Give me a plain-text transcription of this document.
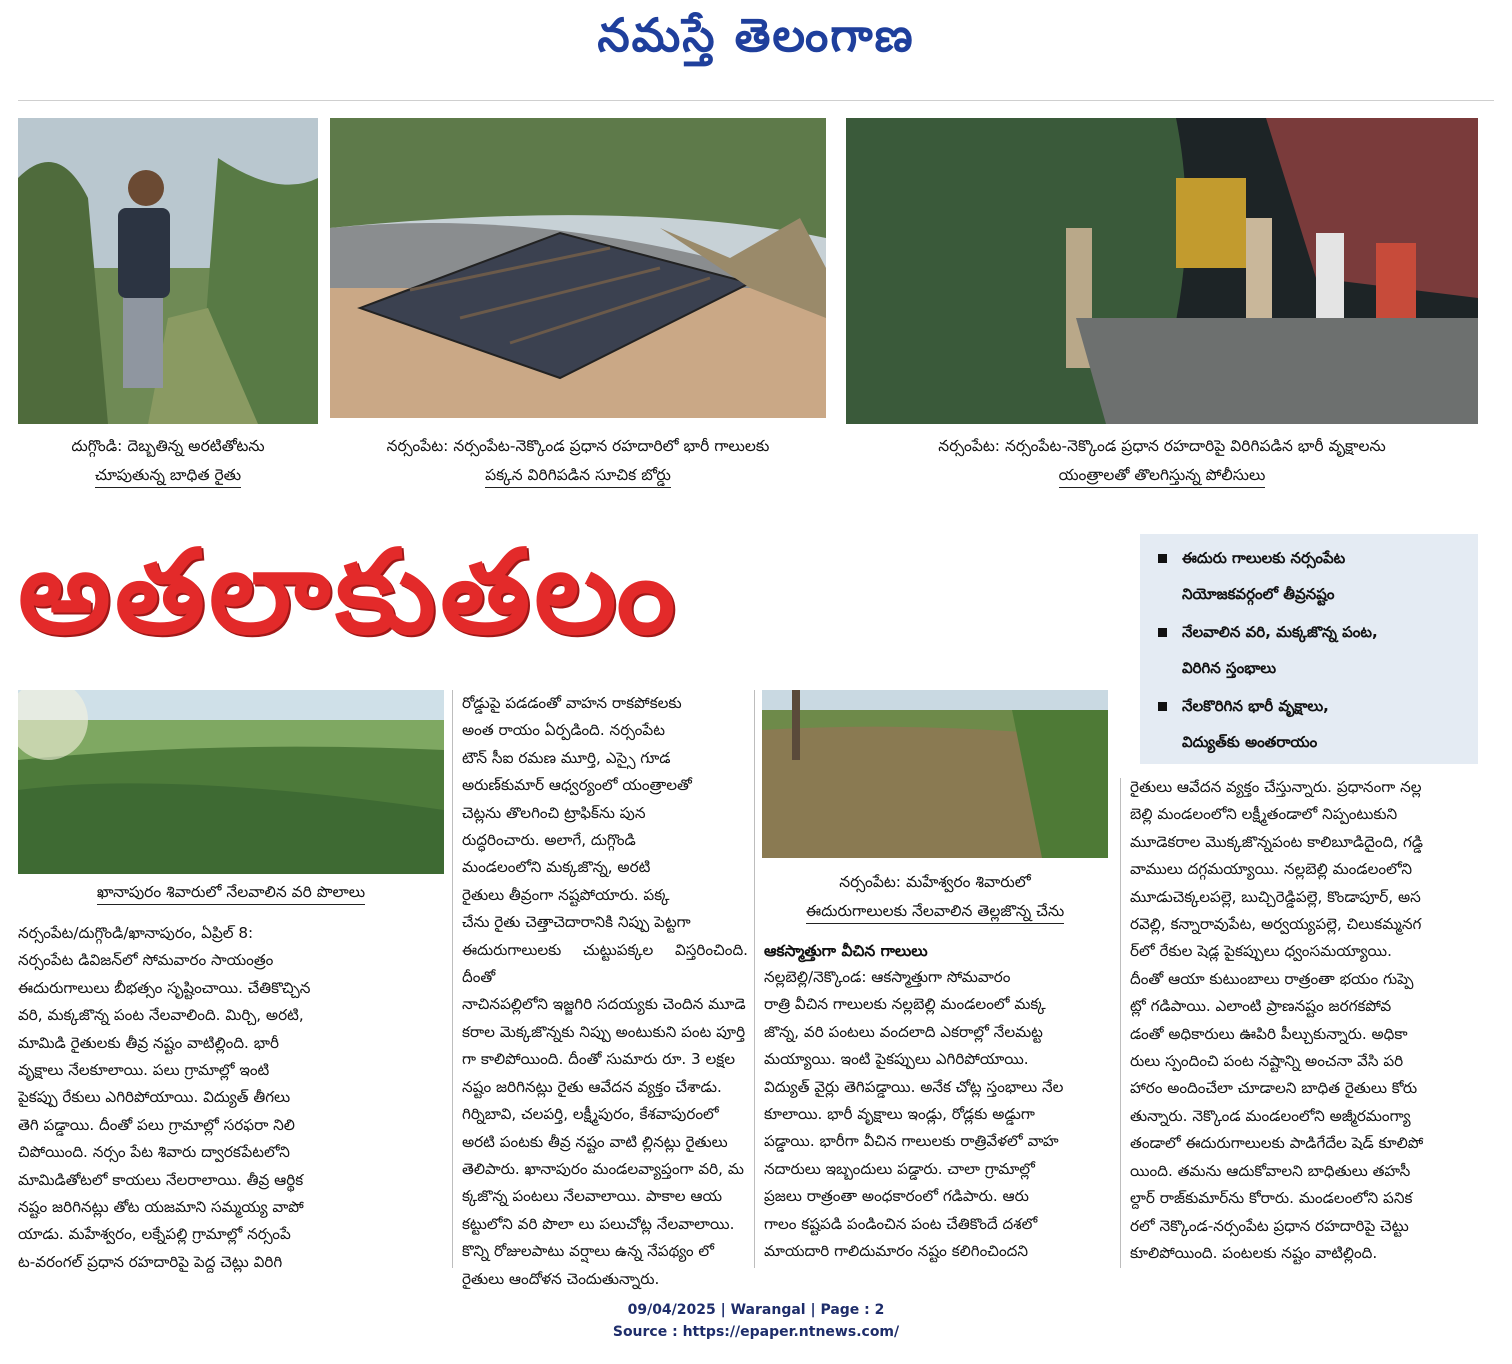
నమస్తే తెలంగాణ
దుగ్గొండి: దెబ్బతిన్న అరటితోటను
చూపుతున్న బాధిత రైతు
నర్సంపేట: నర్సంపేట-నెక్కొండ ప్రధాన రహదారిలో భారీ గాలులకు
పక్కన విరిగిపడిన సూచిక బోర్డు
నర్సంపేట: నర్సంపేట-నెక్కొండ ప్రధాన రహదారిపై విరిగిపడిన భారీ వృక్షాలను
యంత్రాలతో తొలగిస్తున్న పోలీసులు
అతలాకుతలం	ఈదురు గాలులకు నర్సంపేట
నియోజకవర్గంలో తీవ్రనష్టం
నేలవాలిన వరి, మక్కజొన్న పంట,
విరిగిన స్తంభాలు
నేలకొరిగిన భారీ వృక్షాలు,
విద్యుత్‌కు అంతరాయం
ఖానాపురం శివారులో నేలవాలిన వరి పొలాలు
నర్సంపేట: మహేశ్వరం శివారులో
ఈదురుగాలులకు నేలవాలిన తెల్లజొన్న చేను

నర్సంపేట/దుగ్గొండి/ఖానాపురం, ఏప్రిల్ 8:

నర్సంపేట డివిజన్‌లో సోమవారం సాయంత్రం

ఈదురుగాలులు బీభత్సం సృష్టించాయి. చేతికొచ్చిన

వరి, మక్కజొన్న పంట నేలవాలింది. మిర్చి, అరటి,

మామిడి రైతులకు తీవ్ర నష్టం వాటిల్లింది. భారీ

వృక్షాలు నేలకూలాయి. పలు గ్రామాల్లో ఇంటి

పైకప్పు రేకులు ఎగిరిపోయాయి. విద్యుత్ తీగలు

తెగి పడ్డాయి. దీంతో పలు గ్రామాల్లో సరఫరా నిలి

చిపోయింది. నర్సం పేట శివారు ద్వారకపేటలోని

మామిడితోటలో కాయలు నేలరాలాయి. తీవ్ర ఆర్థిక

నష్టం జరిగినట్లు తోట యజమాని సమ్మయ్య వాపో

యాడు. మహేశ్వరం, లక్నేపల్లి గ్రామాల్లో నర్సంపే

ట-వరంగల్ ప్రధాన రహదారిపై పెద్ద చెట్లు విరిగి

రోడ్డుపై పడడంతో వాహన రాకపోకలకు

అంత రాయం ఏర్పడింది. నర్సంపేట

టౌన్ సీఐ రమణ మూర్తి, ఎస్సై గూడ

అరుణ్‌కుమార్ ఆధ్వర్యంలో యంత్రాలతో

చెట్లను తొలగించి ట్రాఫిక్‌ను పున

రుద్ధరించారు. అలాగే, దుగ్గొండి

మండలంలోని మక్కజొన్న, అరటి

రైతులు తీవ్రంగా నష్టపోయారు. పక్క

చేను రైతు చెత్తాచెదారానికి నిప్పు పెట్టగా

ఈదురుగాలులకు చుట్టుపక్కల విస్తరించింది. దీంతో

నాచినపల్లిలోని ఇజ్జగిరి సదయ్యకు చెందిన మూడె

కరాల మెక్కజొన్నకు నిప్పు అంటుకుని పంట పూర్తి

గా కాలిపోయింది. దీంతో సుమారు రూ. 3 లక్షల

నష్టం జరిగినట్లు రైతు ఆవేదన వ్యక్తం చేశాడు.

గిర్నిబావి, చలపర్తి, లక్ష్మీపురం, కేశవాపురంలో

అరటి పంటకు తీవ్ర నష్టం వాటి ల్లినట్లు రైతులు

తెలిపారు. ఖానాపురం మండలవ్యాప్తంగా వరి, మ

క్కజొన్న పంటలు నేలవాలాయి. పాకాల ఆయ

కట్టులోని వరి పొలా లు పలుచోట్ల నేలవాలాయి.

కొన్ని రోజులపాటు వర్షాలు ఉన్న నేపథ్యం లో

రైతులు ఆందోళన చెందుతున్నారు.

ఆకస్మాత్తుగా వీచిన గాలులు

నల్లబెల్లి/నెక్కొండ: ఆకస్మాత్తుగా సోమవారం

రాత్రి వీచిన గాలులకు నల్లబెల్లి మండలంలో మక్క

జొన్న, వరి పంటలు వందలాది ఎకరాల్లో నేలమట్ట

మయ్యాయి. ఇంటి పైకప్పులు ఎగిరిపోయాయి.

విద్యుత్ వైర్లు తెగిపడ్డాయి. అనేక చోట్ల స్తంభాలు నేల

కూలాయి. భారీ వృక్షాలు ఇండ్లు, రోడ్లకు అడ్డుగా

పడ్డాయి. భారీగా వీచిన గాలులకు రాత్రివేళలో వాహ

నదారులు ఇబ్బందులు పడ్డారు. చాలా గ్రామాల్లో

ప్రజలు రాత్రంతా అంధకారంలో గడిపారు. ఆరు

గాలం కష్టపడి పండించిన పంట చేతికొందే దశలో

మాయదారి గాలిదుమారం నష్టం కలిగించిందని

రైతులు ఆవేదన వ్యక్తం చేస్తున్నారు. ప్రధానంగా నల్ల

బెల్లి మండలంలోని లక్ష్మీతండాలో నిప్పంటుకుని

మూడెకరాల మొక్కజొన్నపంట కాలిబూడిదైంది, గడ్డి

వాములు దగ్గమయ్యాయి. నల్లబెల్లి మండలంలోని

మూడుచెక్కలపల్లె, బుచ్చిరెడ్డిపల్లె, కొండాపూర్, అస

రవెల్లి, కన్నారావుపేట, అర్వయ్యపల్లె, చిలుకమ్మనగ

ర్‌లో రేకుల షెడ్ల పైకప్పులు ధ్వంసమయ్యాయి.

దీంతో ఆయా కుటుంబాలు రాత్రంతా భయం గుప్పె

ట్లో గడిపాయి. ఎలాంటి ప్రాణనష్టం జరగకపోవ

డంతో అధికారులు ఊపిరి పీల్చుకున్నారు. అధికా

రులు స్పందించి పంట నష్టాన్ని అంచనా వేసి పరి

హారం అందించేలా చూడాలని బాధిత రైతులు కోరు

తున్నారు. నెక్కొండ మండలంలోని అజ్మీరమంగ్యా

తండాలో ఈదురుగాలులకు పాడిగేదేల షెడ్ కూలిపో

యింది. తమను ఆదుకోవాలని బాధితులు తహసీ

ల్దార్ రాజ్‌కుమార్‌ను కోరారు. మండలంలోని పనిక

రలో నెక్కొండ-నర్సంపేట ప్రధాన రహదారిపై చెట్టు

కూలిపోయింది. పంటలకు నష్టం వాటిల్లింది.

09/04/2025 | Warangal | Page : 2
Source : https://epaper.ntnews.com/
